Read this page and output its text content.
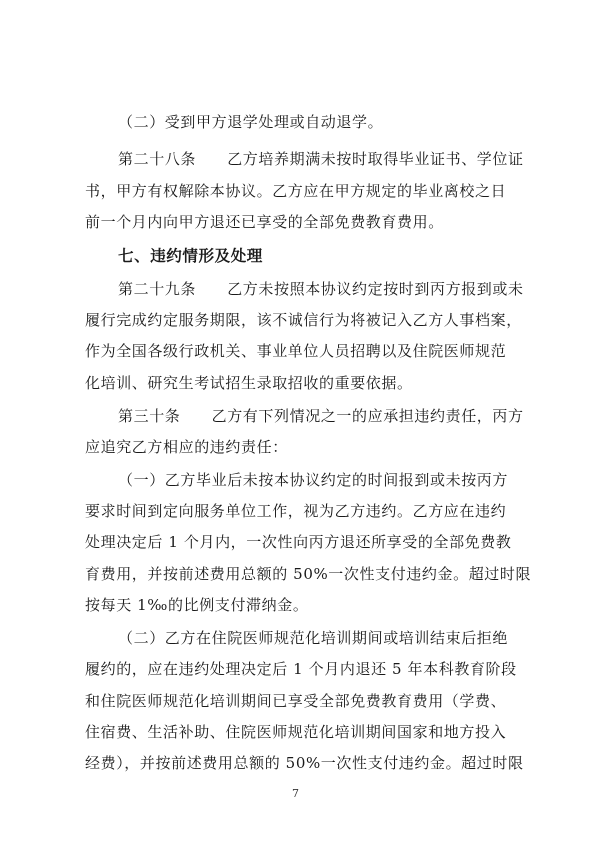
（二）受到甲方退学处理或自动退学。
第二十八条　　乙方培养期满未按时取得毕业证书、学位证
书，甲方有权解除本协议。乙方应在甲方规定的毕业离校之日
前一个月内向甲方退还已享受的全部免费教育费用。
七、违约情形及处理
第二十九条　　乙方未按照本协议约定按时到丙方报到或未
履行完成约定服务期限，该不诚信行为将被记入乙方人事档案，
作为全国各级行政机关、事业单位人员招聘以及住院医师规范
化培训、研究生考试招生录取招收的重要依据。
第三十条　　乙方有下列情况之一的应承担违约责任，丙方
应追究乙方相应的违约责任：
（一）乙方毕业后未按本协议约定的时间报到或未按丙方
要求时间到定向服务单位工作，视为乙方违约。乙方应在违约
处理决定后 1 个月内，一次性向丙方退还所享受的全部免费教
育费用，并按前述费用总额的 50%一次性支付违约金。超过时限
按每天 1‰的比例支付滞纳金。
（二）乙方在住院医师规范化培训期间或培训结束后拒绝
履约的，应在违约处理决定后 1 个月内退还 5 年本科教育阶段
和住院医师规范化培训期间已享受全部免费教育费用（学费、
住宿费、生活补助、住院医师规范化培训期间国家和地方投入
经费），并按前述费用总额的 50%一次性支付违约金。超过时限
7
